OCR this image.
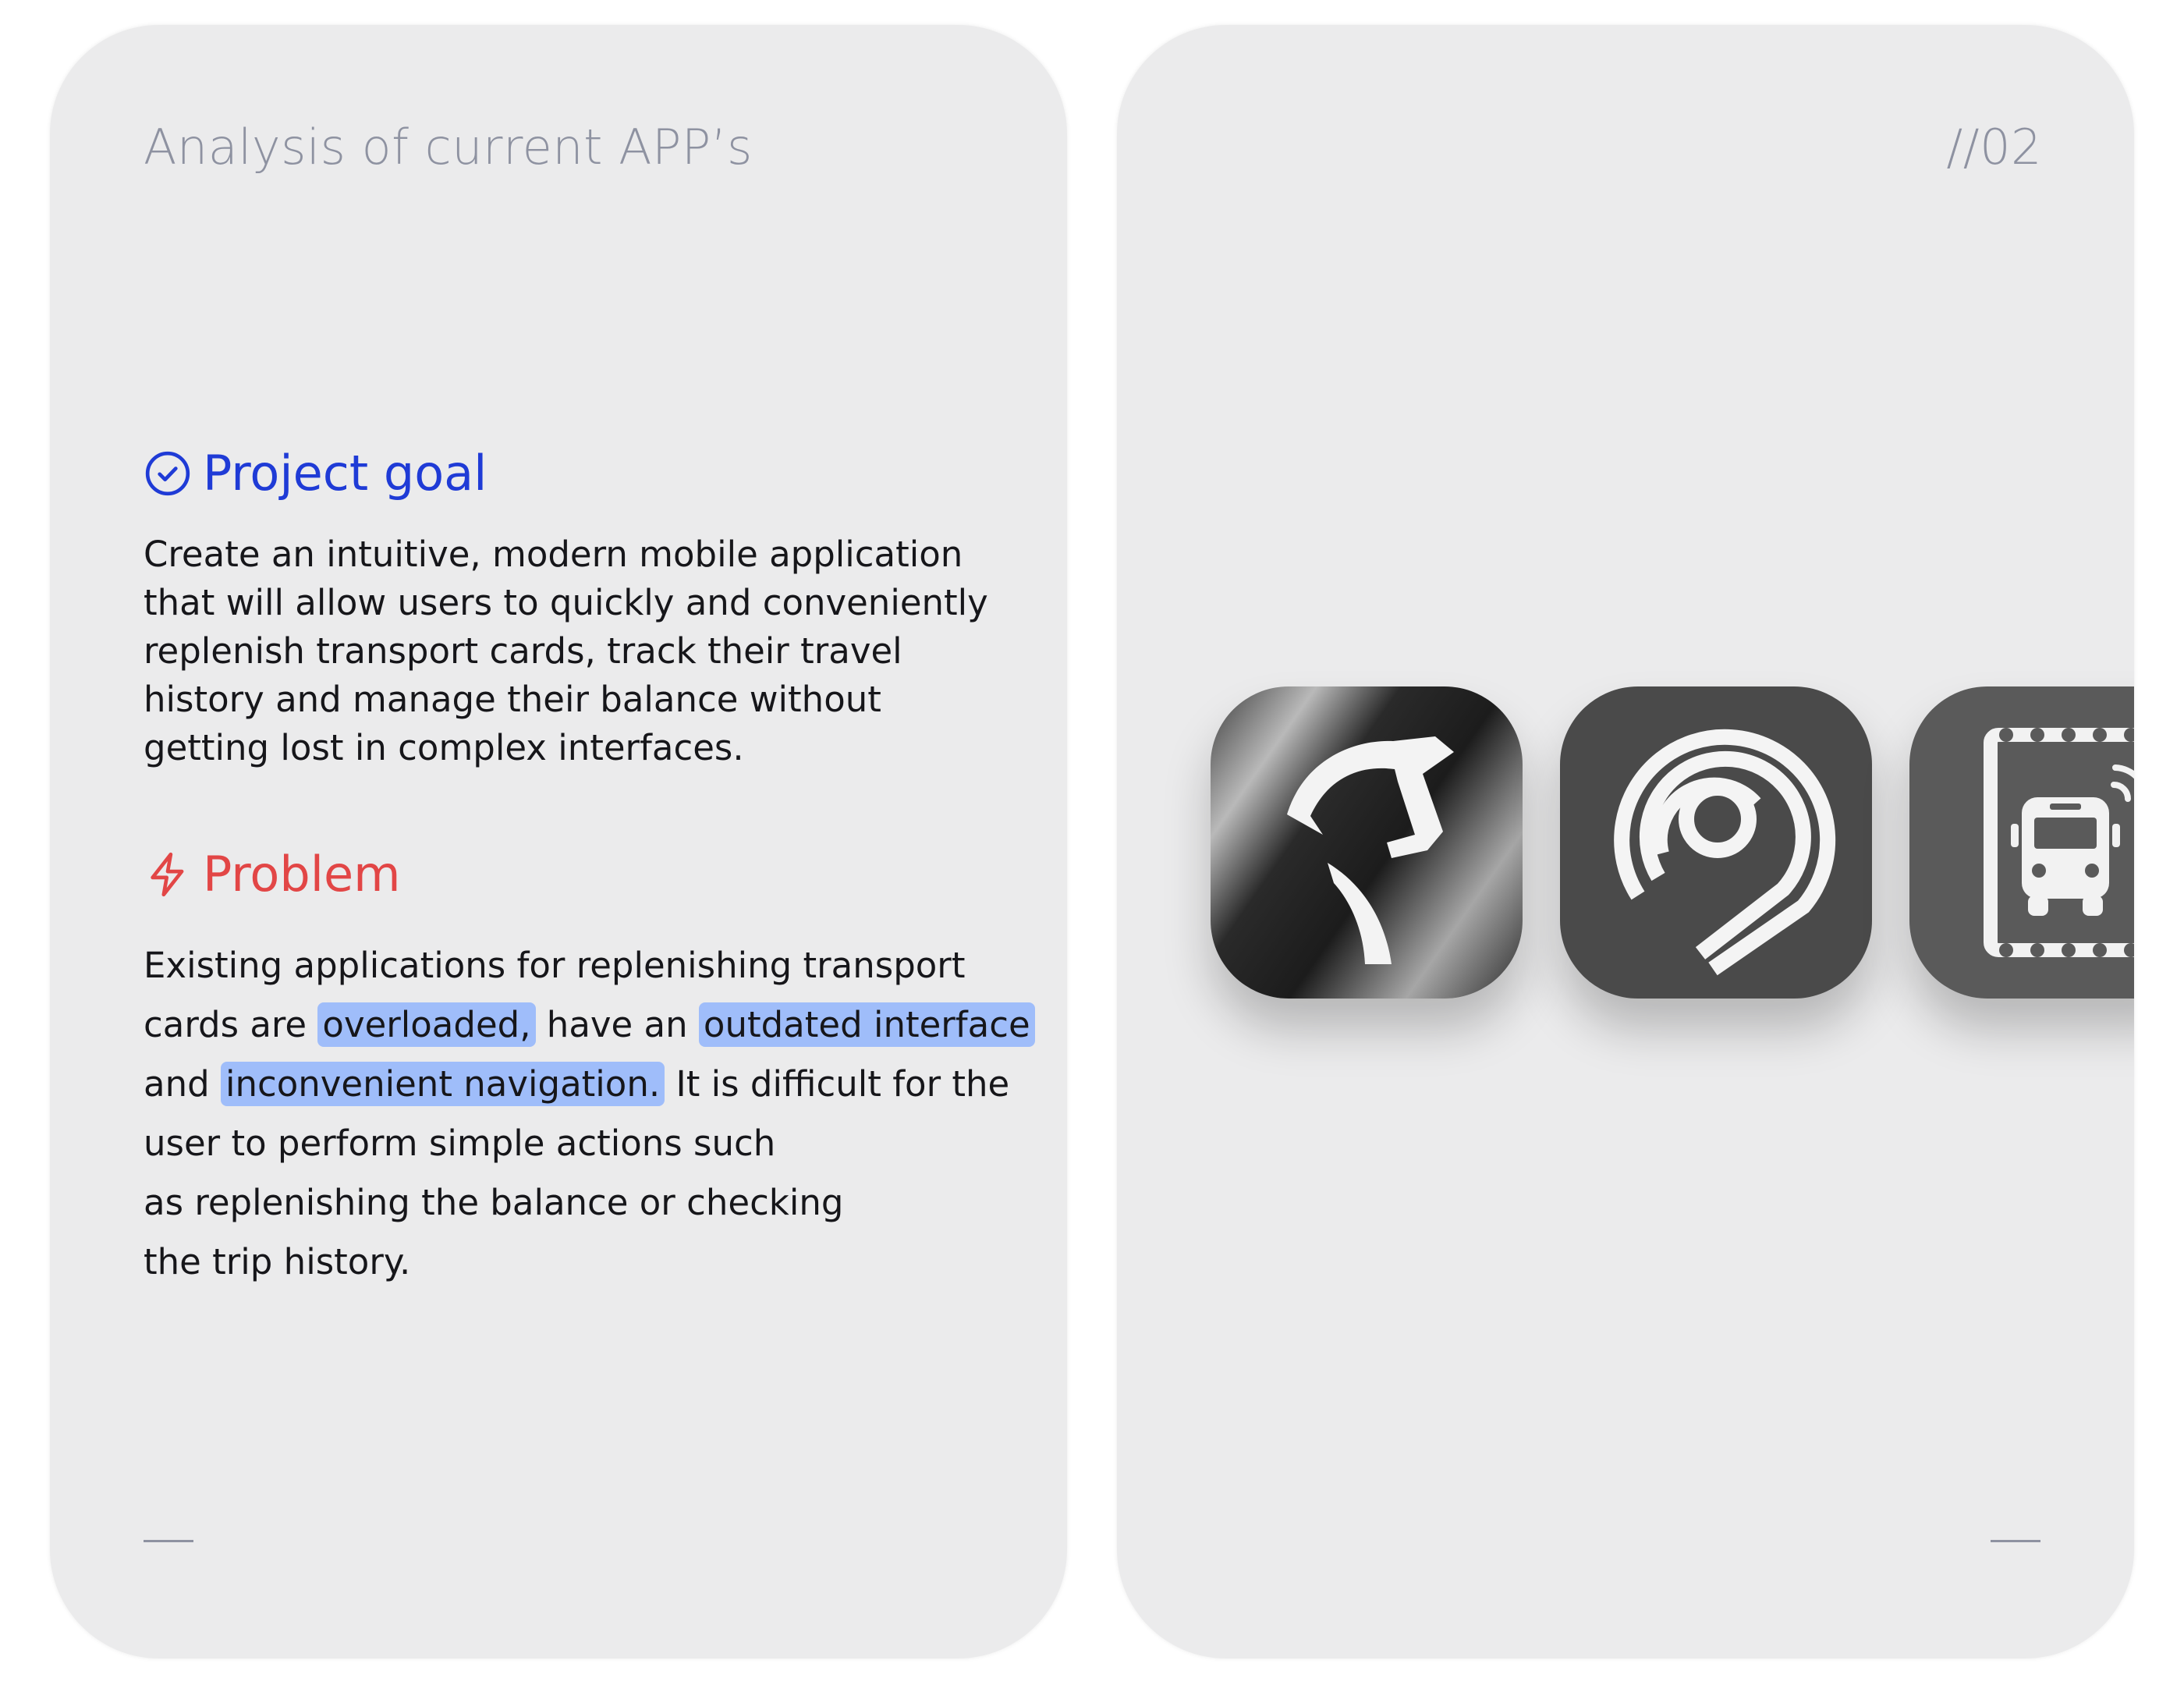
Analysis of current APP’s
Project goal
Create an intuitive, modern mobile application
that will allow users to quickly and conveniently
replenish transport cards, track their travel
history and manage their balance without
getting lost in complex interfaces.
Problem
Existing applications for replenishing transport
cards are overloaded, have an outdated interface
and inconvenient navigation. It is difficult for the
user to perform simple actions such
as replenishing the balance or checking
the trip history.
//02
